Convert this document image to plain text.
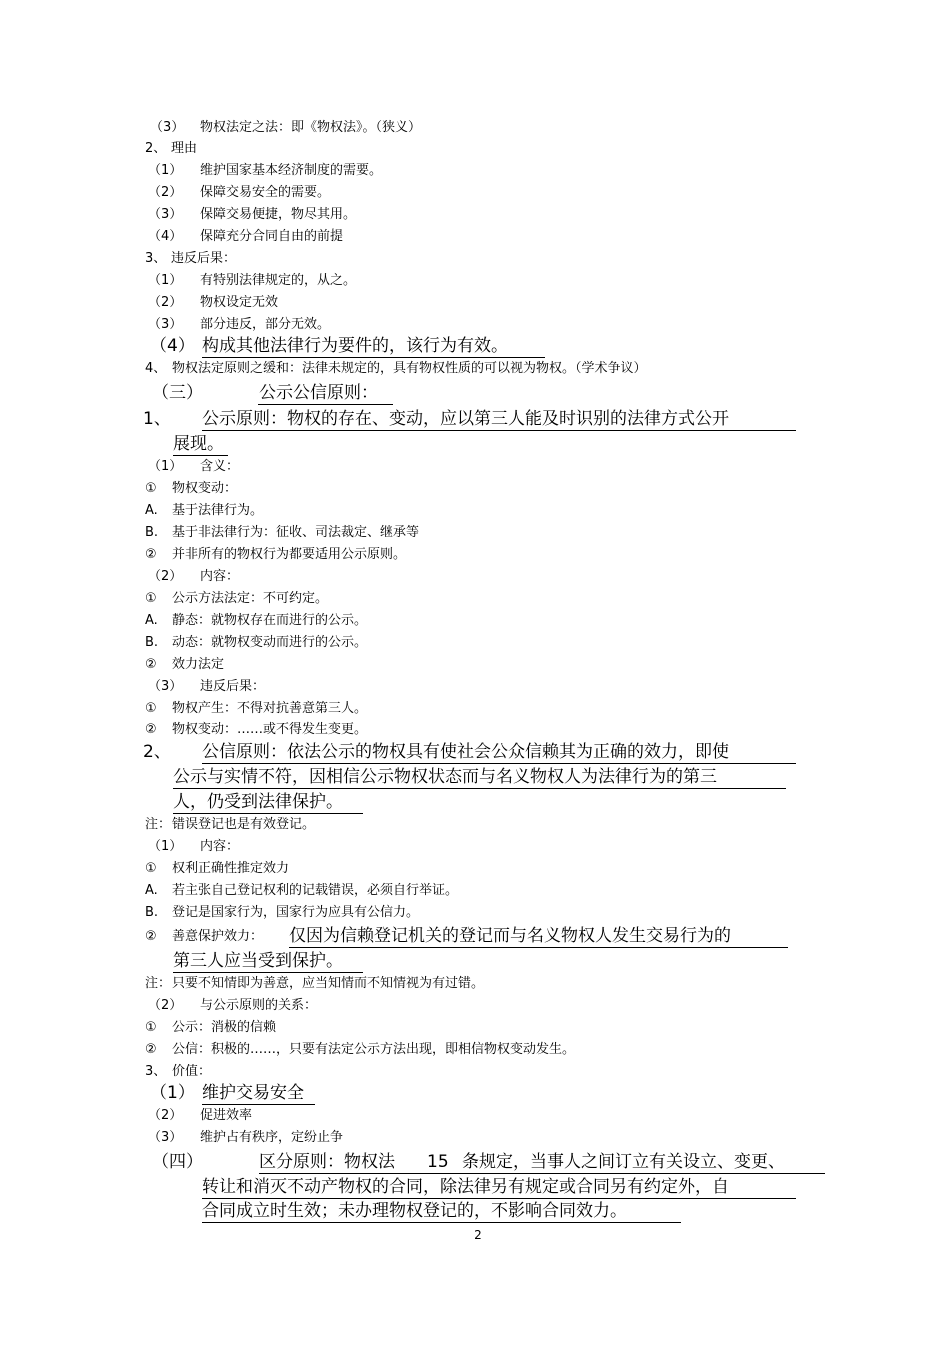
（3） 物权法定之法：即《物权法》。（狭义）
2、 理由
（1） 维护国家基本经济制度的需要。
（2） 保障交易安全的需要。
（3） 保障交易便捷，物尽其用。
（4） 保障充分合同自由的前提
3、 违反后果：
（1） 有特别法律规定的，从之。
（2） 物权设定无效
（3） 部分违反，部分无效。
（4） 构成其他法律行为要件的，该行为有效。
4、 物权法定原则之缓和：法律未规定的，具有物权性质的可以视为物权。（学术争议）
（三）	公示公信原则：
1、 公示原则：物权的存在、变动，应以第三人能及时识别的法律方式公开
展现。
（1） 含义：
① 物权变动：
A. 基于法律行为。
B. 基于非法律行为：征收、司法裁定、继承等
② 并非所有的物权行为都要适用公示原则。
（2） 内容：
① 公示方法法定：不可约定。
A. 静态：就物权存在而进行的公示。
B. 动态：就物权变动而进行的公示。
② 效力法定
（3） 违反后果：
① 物权产生：不得对抗善意第三人。
② 物权变动：……或不得发生变更。
2、 公信原则：依法公示的物权具有使社会公众信赖其为正确的效力，即使
公示与实情不符，因相信公示物权状态而与名义物权人为法律行为的第三
人，仍受到法律保护。
注： 错误登记也是有效登记。
（1） 内容：
① 权利正确性推定效力
A. 若主张自己登记权利的记载错误，必须自行举证。
B. 登记是国家行为，国家行为应具有公信力。
② 善意保护效力： 仅因为信赖登记机关的登记而与名义物权人发生交易行为的
第三人应当受到保护。
注： 只要不知情即为善意，应当知情而不知情视为有过错。
（2） 与公示原则的关系：
① 公示：消极的信赖
② 公信：积极的……，只要有法定公示方法出现，即相信物权变动发生。
3、 价值：
（1） 维护交易安全
（2） 促进效率
（3） 维护占有秩序，定纷止争
（四）	区分原则：物权法 15 条规定，当事人之间订立有关设立、变更、
转让和消灭不动产物权的合同，除法律另有规定或合同另有约定外，自
合同成立时生效；未办理物权登记的，不影响合同效力。
2
